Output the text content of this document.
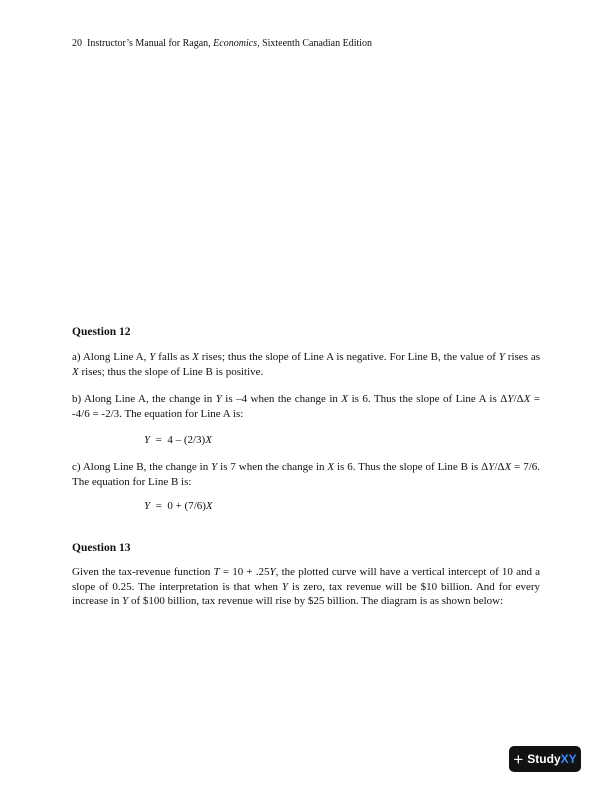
20 Instructor’s Manual for Ragan, Economics, Sixteenth Canadian Edition
Question 12

a) Along Line A, Y falls as X rises; thus the slope of Line A is negative. For Line B, the value of Y rises as X rises; thus the slope of Line B is positive.

b) Along Line A, the change in Y is –4 when the change in X is 6. Thus the slope of Line A is ΔY/ΔX = -4/6 = -2/3. The equation for Line A is:

Y  =  4 – (2/3)X

c) Along Line B, the change in Y is 7 when the change in X is 6. Thus the slope of Line B is ΔY/ΔX = 7/6. The equation for Line B is:

Y  =  0 + (7/6)X
Question 13

Given the tax-revenue function T = 10 + .25Y, the plotted curve will have a vertical intercept of 10 and a slope of 0.25. The interpretation is that when Y is zero, tax revenue will be $10 billion. And for every increase in Y of $100 billion, tax revenue will rise by $25 billion. The diagram is as shown below:

+ Study XY
